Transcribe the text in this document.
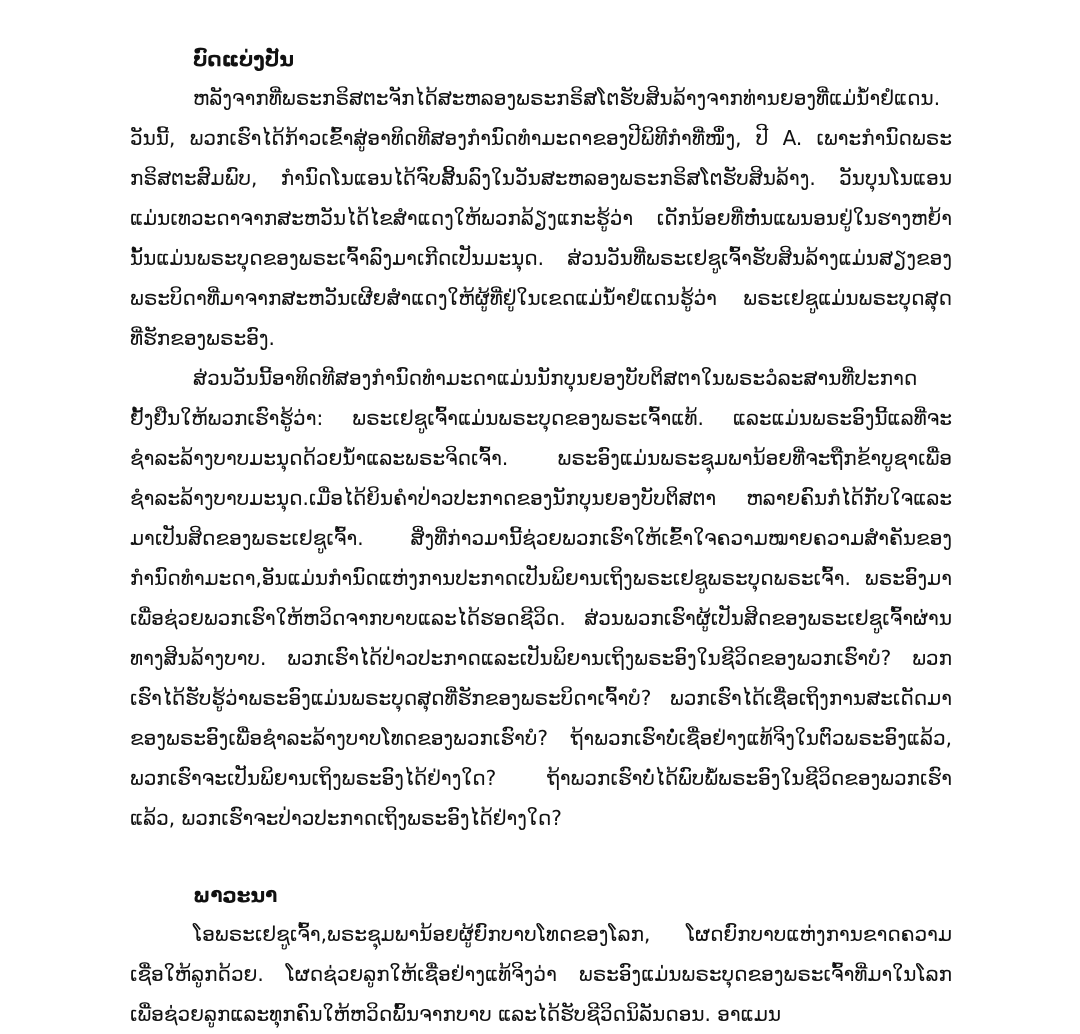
ບົດແບ່ງປັນ

ຫລັງຈາກທີ່ພຣະກຣິສຕະຈັກໄດ້ສະຫລອງພຣະກຣິສໂຕຮັບສິນລ້າງຈາກທ່ານຍອງທີ່ແມ່ນ້ຳຢໍແດນ. ວັນນີ້, ພວກເຮົາໄດ້ກ້າວເຂົ້າສູ່ອາທິດທີສອງກຳນົດທຳມະດາຂອງປີພິທີກຳທີ່ໜຶ່ງ, ປີ A. ເພາະກຳນົດພຣະກຣິສຕະສົມພົບ, ກຳນົດໂນແອນໄດ້ຈົບສິ້ນລົງໃນວັນສະຫລອງພຣະກຣິສໂຕຮັບສິນລ້າງ. ວັນບຸນໂນແອນແມ່ນເທວະດາຈາກສະຫວັນໄດ້ໄຂສຳແດງໃຫ້ພວກລ້ຽງແກະຮູ້ວ່າ ເດັກນ້ອຍທີ່ຫໍ່ນແພນອນຢູ່ໃນຮາງຫຍ້ານັ້ນແມ່ນພຣະບຸດຂອງພຣະເຈົ້າລົງມາເກີດເປັນມະນຸດ. ສ່ວນວັນທີ່ພຣະເຢຊູເຈົ້າຮັບສິນລ້າງແມ່ນສຽງຂອງພຣະບິດາທີ່ມາຈາກສະຫວັນເຜີຍສຳແດງໃຫ້ຜູ້ທີ່ຢູ່ໃນເຂດແມ່ນ້ຳຢໍແດນຮູ້ວ່າ ພຣະເຢຊູແມ່ນພຣະບຸດສຸດທີ່ຮັກຂອງພຣະອົງ.

ສ່ວນວັນນີ້ອາທິດທີສອງກຳນົດທຳມະດາແມ່ນນັກບຸນຍອງບັບຕິສຕາໃນພຣະວໍລະສານທີ່ປະກາດຢັ້ງຢືນໃຫ້ພວກເຮົາຮູ້ວ່າ: ພຣະເຢຊູເຈົ້າແມ່ນພຣະບຸດຂອງພຣະເຈົ້າແທ້. ແລະແມ່ນພຣະອົງນີ້ແລທີ່ຈະຊຳລະລ້າງບາບມະນຸດດ້ວຍນ້ຳແລະພຣະຈິດເຈົ້າ. ພຣະອົງແມ່ນພຣະຊຸມພານ້ອຍທີ່ຈະຖືກຂ້າບູຊາເພື່ອຊຳລະລ້າງບາບມະນຸດ.ເມື່ອໄດ້ຍິນຄຳປ່າວປະກາດຂອງນັກບຸນຍອງບັບຕິສຕາ ຫລາຍຄົນກໍໄດ້ກັບໃຈແລະມາເປັນສິດຂອງພຣະເຢຊູເຈົ້າ. ສິ່ງທີ່ກ່າວມານີ້ຊ່ວຍພວກເຮົາໃຫ້ເຂົ້າໃຈຄວາມໝາຍຄວາມສຳຄັນຂອງກຳນົດທຳມະດາ,ອັນແມ່ນກຳນົດແຫ່ງການປະກາດເປັນພິຍານເຖິງພຣະເຢຊູພຣະບຸດພຣະເຈົ້າ. ພຣະອົງມາເພື່ອຊ່ວຍພວກເຮົາໃຫ້ຫວິດຈາກບາບແລະໄດ້ຮອດຊີວິດ. ສ່ວນພວກເຮົາຜູ້ເປັນສິດຂອງພຣະເຢຊູເຈົ້າຜ່ານທາງສິນລ້າງບາບ. ພວກເຮົາໄດ້ປ່າວປະກາດແລະເປັນພິຍານເຖິງພຣະອົງໃນຊີວິດຂອງພວກເຮົາບໍ? ພວກເຮົາໄດ້ຮັບຮູ້ວ່າພຣະອົງແມ່ນພຣະບຸດສຸດທີ່ຮັກຂອງພຣະບິດາເຈົ້າບໍ? ພວກເຮົາໄດ້ເຊື່ອເຖິງການສະເດັດມາຂອງພຣະອົງເພື່ອຊຳລະລ້າງບາບໂທດຂອງພວກເຮົາບໍ? ຖ້າພວກເຮົາບໍ່ເຊື່ອຢ່າງແທ້ຈິງໃນຕົວພຣະອົງແລ້ວ, ພວກເຮົາຈະເປັນພິຍານເຖິງພຣະອົງໄດ້ຢ່າງໃດ? ຖ້າພວກເຮົາບໍ່ໄດ້ພົບພໍ້ພຣະອົງໃນຊີວິດຂອງພວກເຮົາແລ້ວ, ພວກເຮົາຈະປ່າວປະກາດເຖິງພຣະອົງໄດ້ຢ່າງໃດ?

ພາວະນາ

ໂອພຣະເຢຊູເຈົ້າ,ພຣະຊຸມພານ້ອຍຜູ້ຍົກບາບໂທດຂອງໂລກ, ໂຜດຍົກບາບແຫ່ງການຂາດຄວາມເຊື່ອໃຫ້ລູກດ້ວຍ. ໂຜດຊ່ວຍລູກໃຫ້ເຊື່ອຢ່າງແທ້ຈິງວ່າ ພຣະອົງແມ່ນພຣະບຸດຂອງພຣະເຈົ້າທີ່ມາໃນໂລກເພື່ອຊ່ວຍລູກແລະທຸກຄົນໃຫ້ຫວິດພົ້ນຈາກບາບ ແລະໄດ້ຮັບຊີວິດນິລັນດອນ. ອາແມນ
